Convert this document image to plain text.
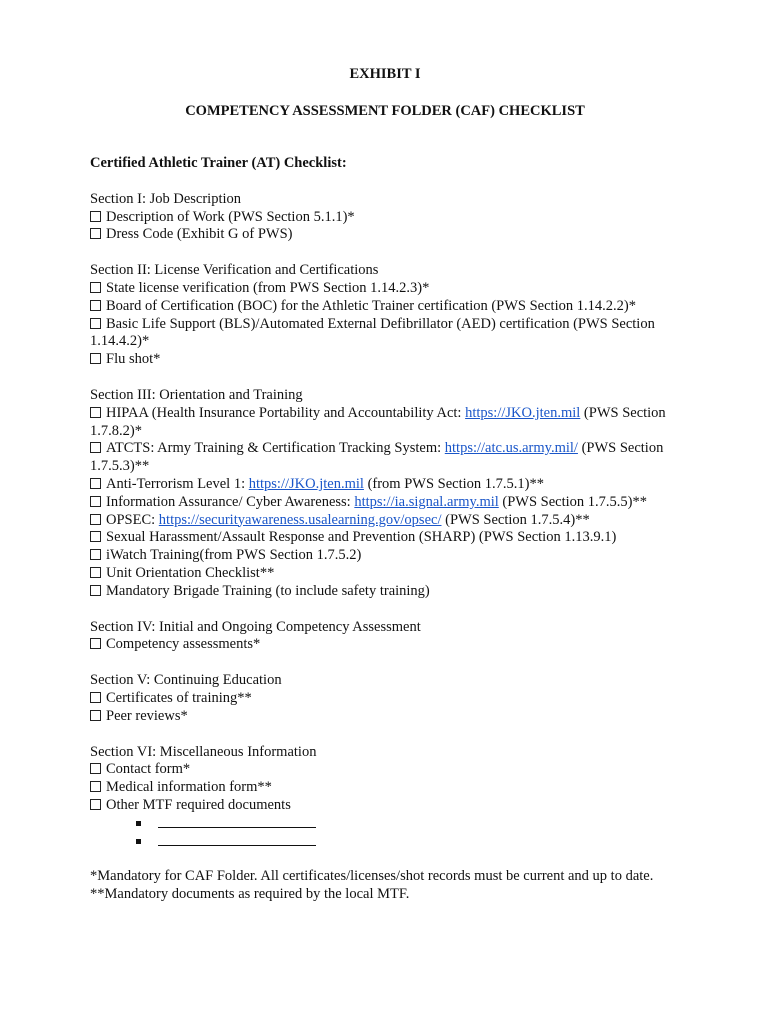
EXHIBIT I
COMPETENCY ASSESSMENT FOLDER (CAF) CHECKLIST
Certified Athletic Trainer (AT) Checklist:
Section I: Job Description
Description of Work (PWS Section 5.1.1)*
Dress Code (Exhibit G of PWS)
Section II: License Verification and Certifications
State license verification (from PWS Section 1.14.2.3)*
Board of Certification (BOC) for the Athletic Trainer certification (PWS Section 1.14.2.2)*
Basic Life Support (BLS)/Automated External Defibrillator (AED) certification (PWS Section 1.14.4.2)*
Flu shot*
Section III: Orientation and Training
HIPAA (Health Insurance Portability and Accountability Act: https://JKO.jten.mil (PWS Section 1.7.8.2)*
ATCTS: Army Training & Certification Tracking System: https://atc.us.army.mil/ (PWS Section 1.7.5.3)**
Anti-Terrorism Level 1: https://JKO.jten.mil (from PWS Section 1.7.5.1)**
Information Assurance/ Cyber Awareness: https://ia.signal.army.mil (PWS Section 1.7.5.5)**
OPSEC: https://securityawareness.usalearning.gov/opsec/ (PWS Section 1.7.5.4)**
Sexual Harassment/Assault Response and Prevention (SHARP) (PWS Section 1.13.9.1)
iWatch Training(from PWS Section 1.7.5.2)
Unit Orientation Checklist**
Mandatory Brigade Training (to include safety training)
Section IV: Initial and Ongoing Competency Assessment
Competency assessments*
Section V: Continuing Education
Certificates of training**
Peer reviews*
Section VI: Miscellaneous Information
Contact form*
Medical information form**
Other MTF required documents
*Mandatory for CAF Folder. All certificates/licenses/shot records must be current and up to date.
**Mandatory documents as required by the local MTF.
